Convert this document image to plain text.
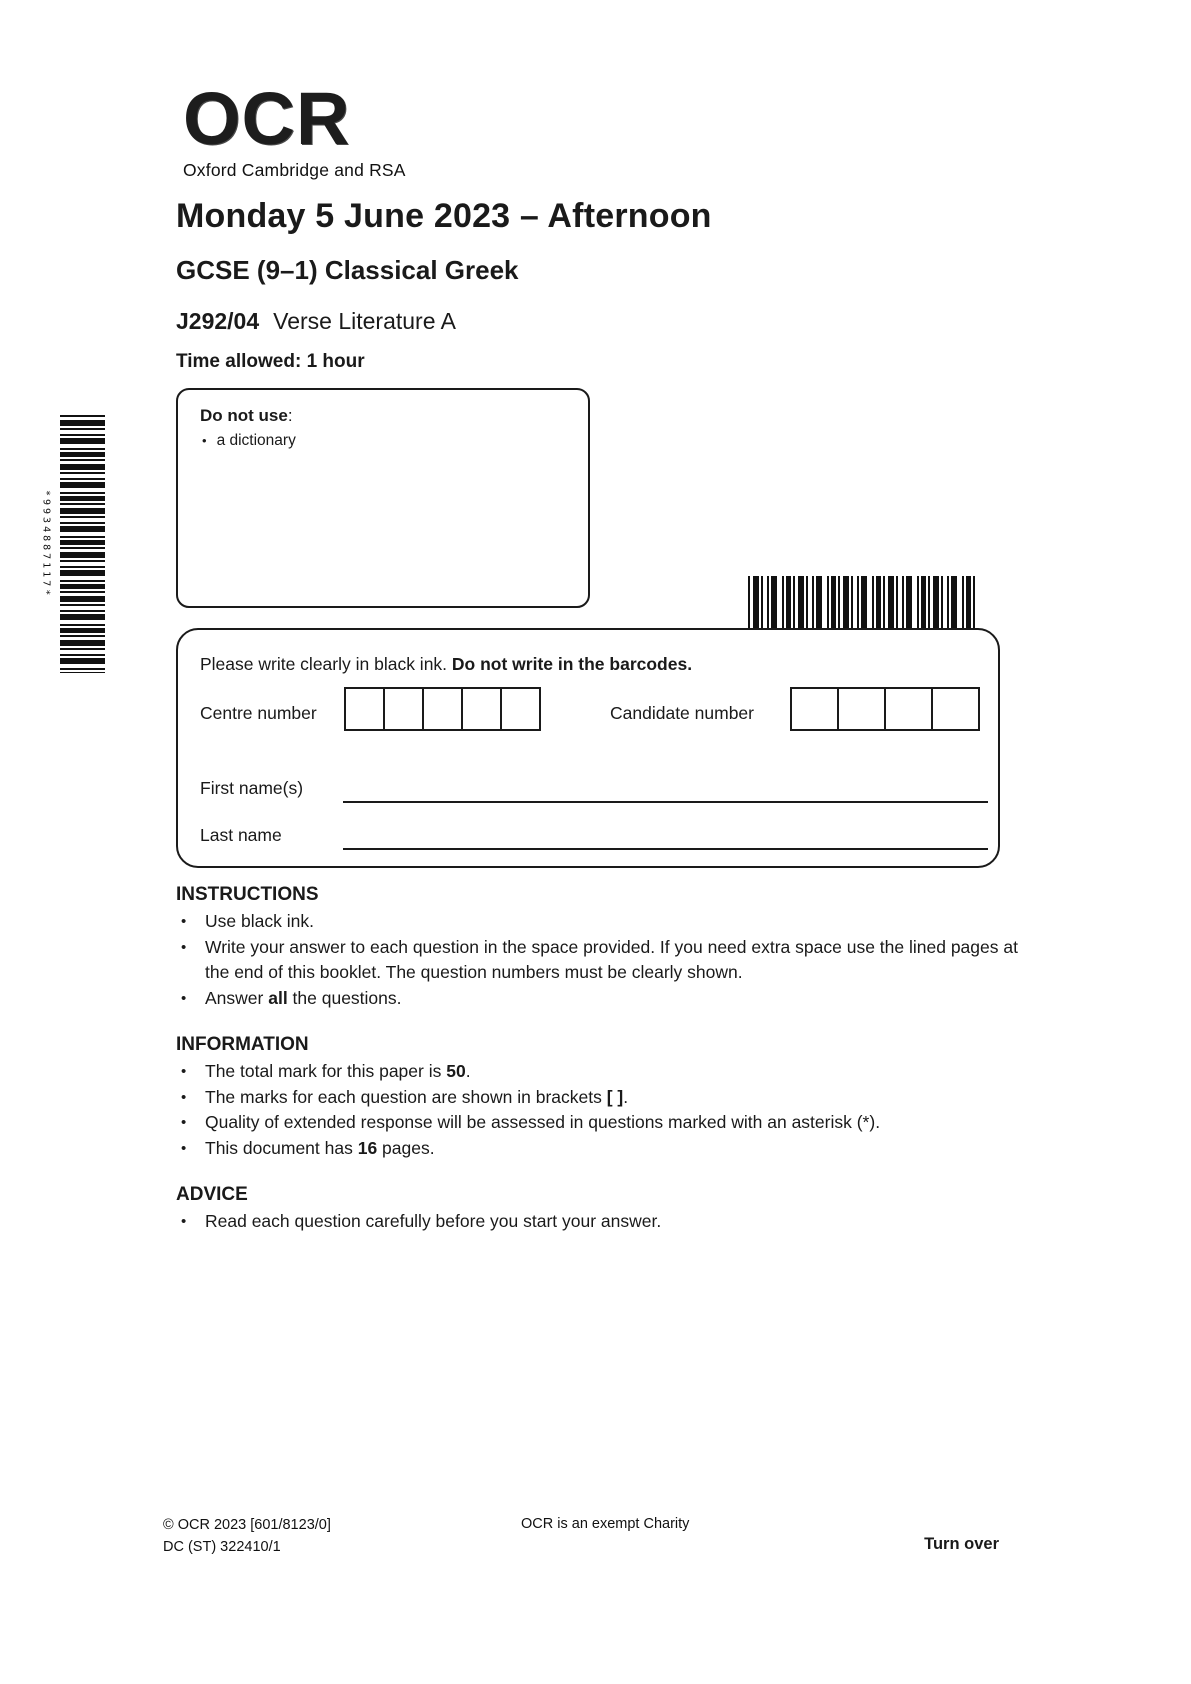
OCR
Oxford Cambridge and RSA
Monday 5 June 2023 – Afternoon
GCSE (9–1) Classical Greek
J292/04 Verse Literature A
Time allowed: 1 hour
*9934887117*
Do not use:
• a dictionary
Please write clearly in black ink. Do not write in the barcodes.
Centre number	Candidate number
First name(s)
Last name
INSTRUCTIONS
• Use black ink.
• Write your answer to each question in the space provided. If you need extra space use the lined pages at the end of this booklet. The question numbers must be clearly shown.
• Answer all the questions.
INFORMATION
• The total mark for this paper is 50.
• The marks for each question are shown in brackets [ ].
• Quality of extended response will be assessed in questions marked with an asterisk (*).
• This document has 16 pages.
ADVICE
• Read each question carefully before you start your answer.
© OCR 2023 [601/8123/0]
DC (ST) 322410/1
OCR is an exempt Charity
Turn over
